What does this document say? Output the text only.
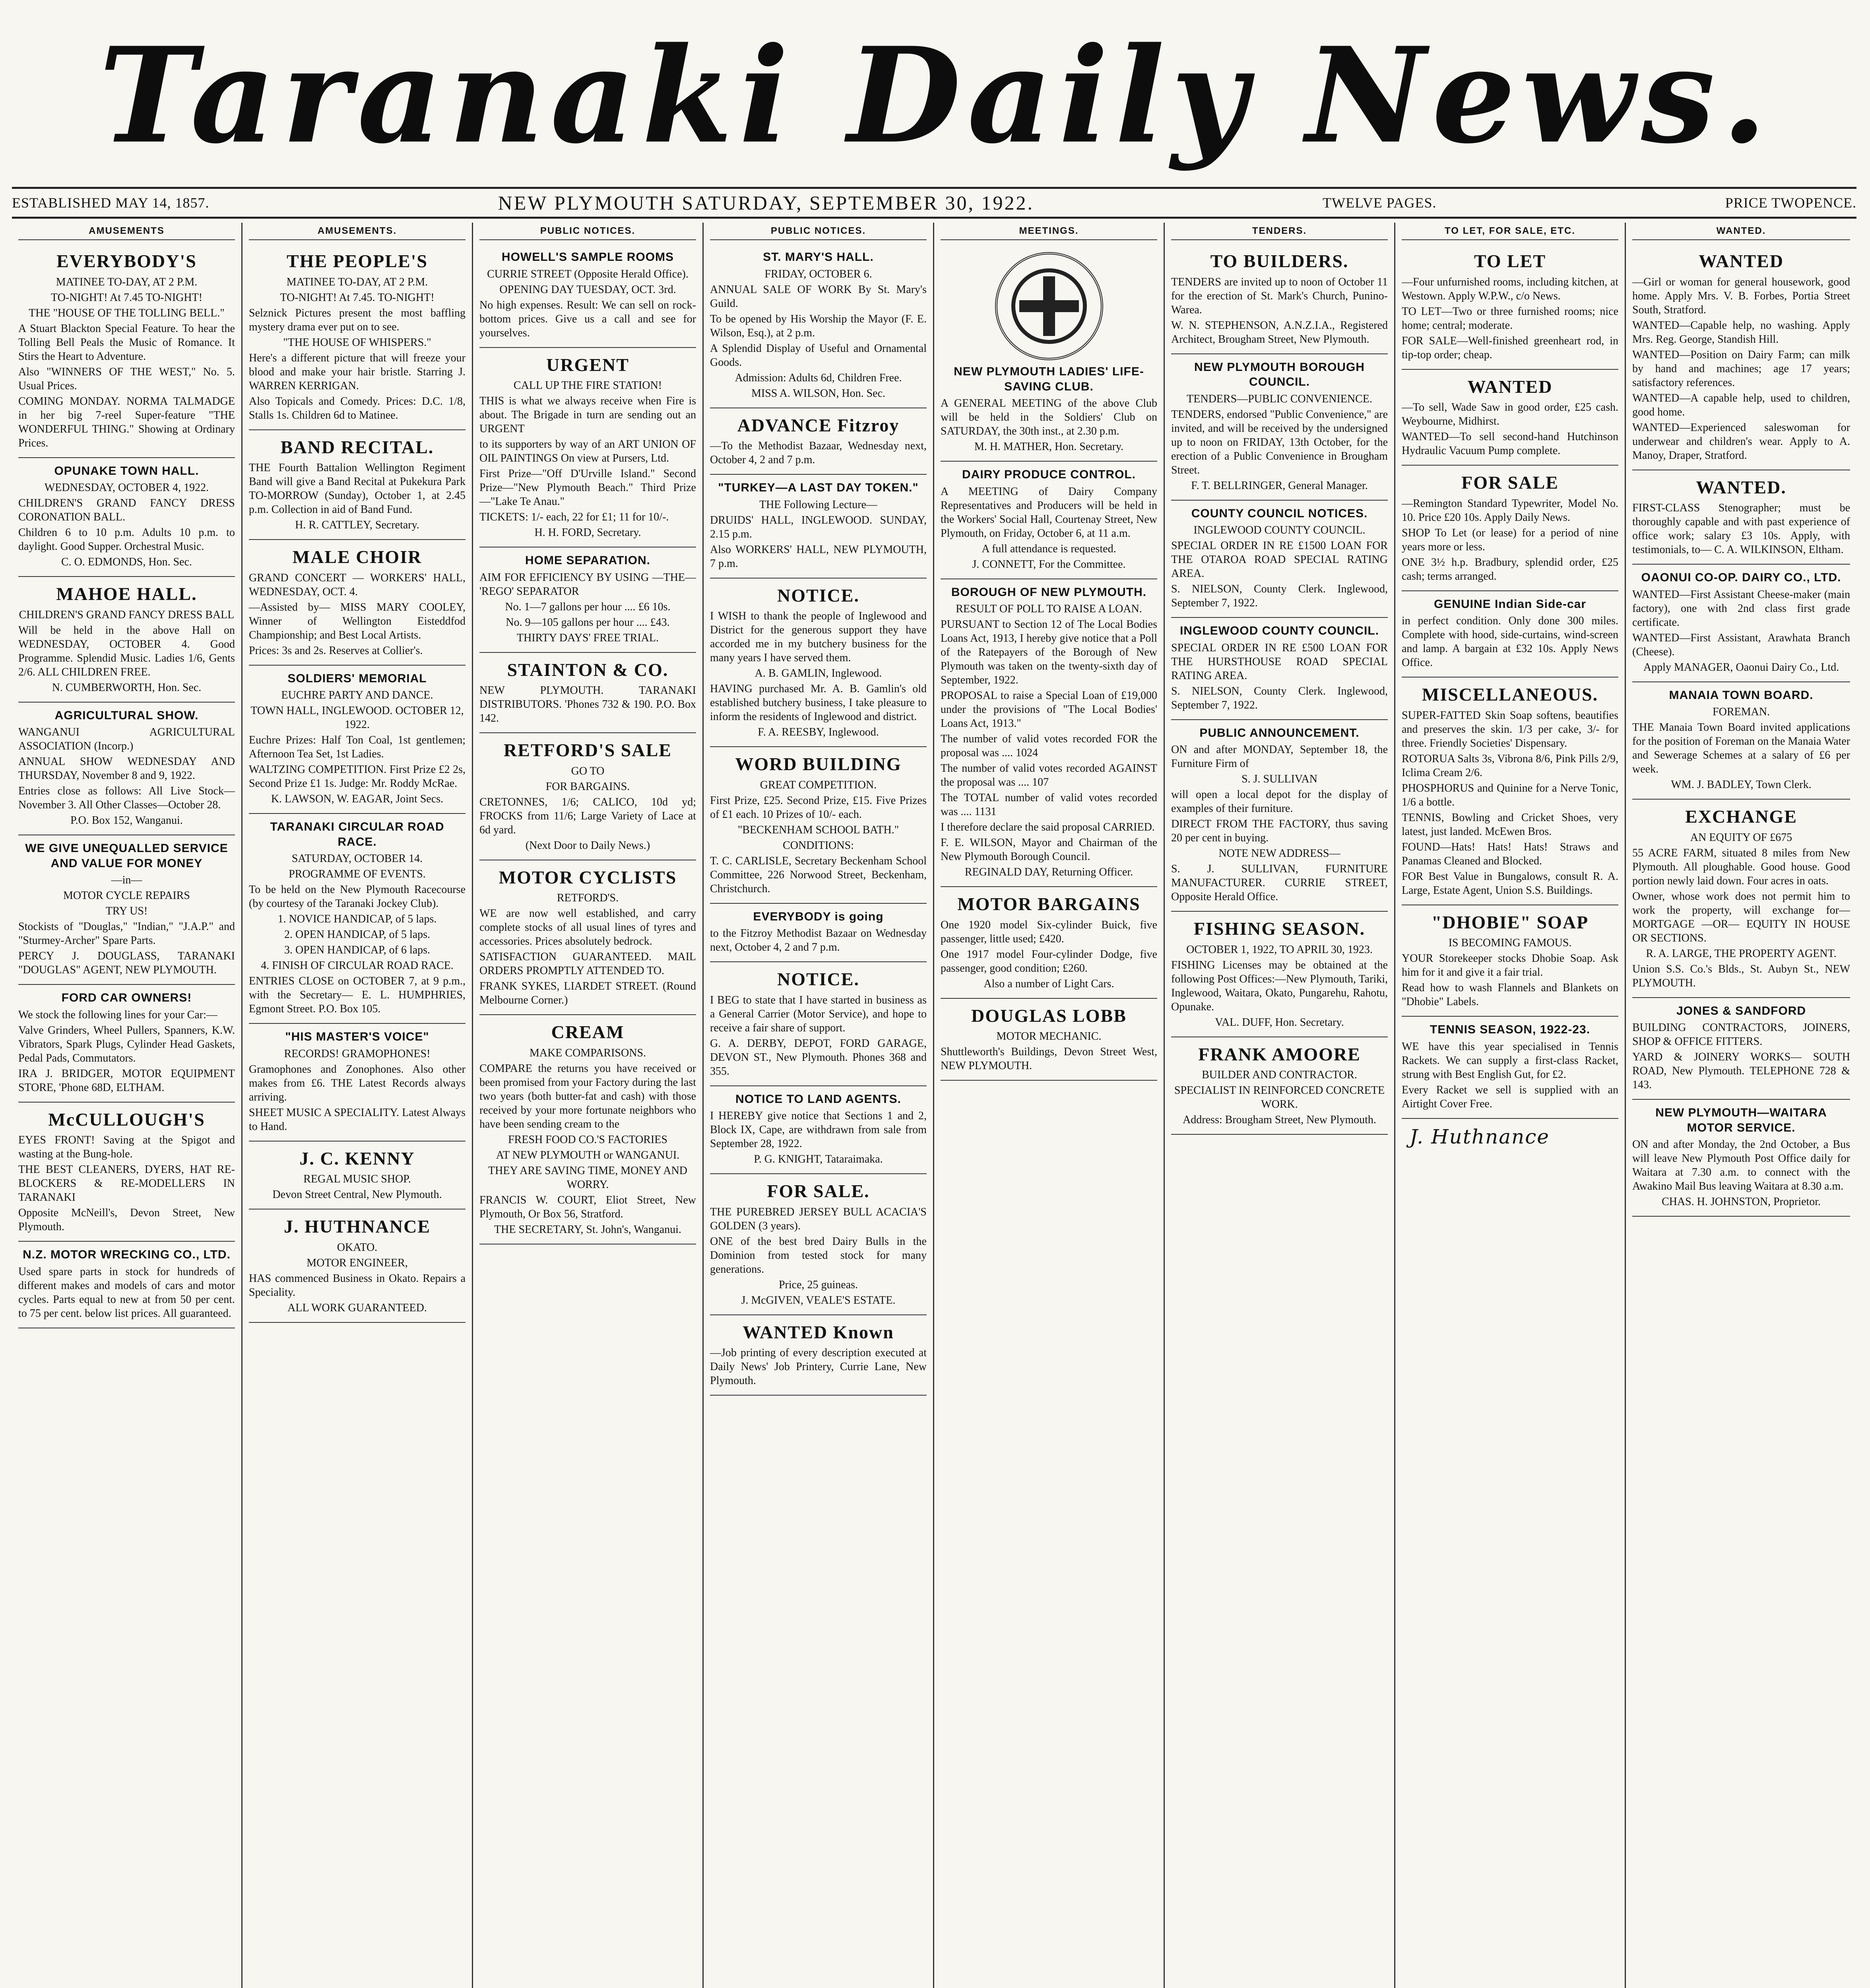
Taranaki Daily News.
ESTABLISHED MAY 14, 1857.	NEW PLYMOUTH SATURDAY, SEPTEMBER 30, 1922.	TWELVE PAGES.	PRICE TWOPENCE.
AMUSEMENTS
EVERYBODY'S

MATINEE TO-DAY, AT 2 P.M.

TO-NIGHT! At 7.45 TO-NIGHT!

THE "HOUSE OF THE TOLLING BELL."

A Stuart Blackton Special Feature. To hear the Tolling Bell Peals the Music of Romance. It Stirs the Heart to Adventure.

Also "WINNERS OF THE WEST," No. 5. Usual Prices.

COMING MONDAY. NORMA TALMADGE in her big 7-reel Super-feature "THE WONDERFUL THING." Showing at Ordinary Prices.

OPUNAKE TOWN HALL.

WEDNESDAY, OCTOBER 4, 1922.

CHILDREN'S GRAND FANCY DRESS CORONATION BALL.

Children 6 to 10 p.m. Adults 10 p.m. to daylight. Good Supper. Orchestral Music.

C. O. EDMONDS, Hon. Sec.

MAHOE HALL.

CHILDREN'S GRAND FANCY DRESS BALL

Will be held in the above Hall on WEDNESDAY, OCTOBER 4. Good Programme. Splendid Music. Ladies 1/6, Gents 2/6. ALL CHILDREN FREE.

N. CUMBERWORTH, Hon. Sec.

AGRICULTURAL SHOW.

WANGANUI AGRICULTURAL ASSOCIATION (Incorp.)

ANNUAL SHOW WEDNESDAY AND THURSDAY, November 8 and 9, 1922.

Entries close as follows: All Live Stock—November 3. All Other Classes—October 28.

P.O. Box 152, Wanganui.

WE GIVE UNEQUALLED SERVICE AND VALUE FOR MONEY

—in—

MOTOR CYCLE REPAIRS

TRY US!

Stockists of "Douglas," "Indian," "J.A.P." and "Sturmey-Archer" Spare Parts.

PERCY J. DOUGLASS, TARANAKI "DOUGLAS" AGENT, NEW PLYMOUTH.

FORD CAR OWNERS!

We stock the following lines for your Car:—

Valve Grinders, Wheel Pullers, Spanners, K.W. Vibrators, Spark Plugs, Cylinder Head Gaskets, Pedal Pads, Commutators.

IRA J. BRIDGER, MOTOR EQUIPMENT STORE, 'Phone 68D, ELTHAM.

McCULLOUGH'S

EYES FRONT! Saving at the Spigot and wasting at the Bung-hole.

THE BEST CLEANERS, DYERS, HAT RE-BLOCKERS & RE-MODELLERS IN TARANAKI

Opposite McNeill's, Devon Street, New Plymouth.

N.Z. MOTOR WRECKING CO., LTD.

Used spare parts in stock for hundreds of different makes and models of cars and motor cycles. Parts equal to new at from 50 per cent. to 75 per cent. below list prices. All guaranteed.

AMUSEMENTS.
THE PEOPLE'S

MATINEE TO-DAY, AT 2 P.M.

TO-NIGHT! At 7.45. TO-NIGHT!

Selznick Pictures present the most baffling mystery drama ever put on to see.

"THE HOUSE OF WHISPERS."

Here's a different picture that will freeze your blood and make your hair bristle. Starring J. WARREN KERRIGAN.

Also Topicals and Comedy. Prices: D.C. 1/8, Stalls 1s. Children 6d to Matinee.

BAND RECITAL.

THE Fourth Battalion Wellington Regiment Band will give a Band Recital at Pukekura Park TO-MORROW (Sunday), October 1, at 2.45 p.m. Collection in aid of Band Fund.

H. R. CATTLEY, Secretary.

MALE CHOIR

GRAND CONCERT — WORKERS' HALL, WEDNESDAY, OCT. 4.

—Assisted by— MISS MARY COOLEY, Winner of Wellington Eisteddfod Championship; and Best Local Artists.

Prices: 3s and 2s. Reserves at Collier's.

SOLDIERS' MEMORIAL

EUCHRE PARTY AND DANCE.

TOWN HALL, INGLEWOOD. OCTOBER 12, 1922.

Euchre Prizes: Half Ton Coal, 1st gentlemen; Afternoon Tea Set, 1st Ladies.

WALTZING COMPETITION. First Prize £2 2s, Second Prize £1 1s. Judge: Mr. Roddy McRae.

K. LAWSON, W. EAGAR, Joint Secs.

TARANAKI CIRCULAR ROAD RACE.

SATURDAY, OCTOBER 14.

PROGRAMME OF EVENTS.

To be held on the New Plymouth Racecourse (by courtesy of the Taranaki Jockey Club).

1. NOVICE HANDICAP, of 5 laps.

2. OPEN HANDICAP, of 5 laps.

3. OPEN HANDICAP, of 6 laps.

4. FINISH OF CIRCULAR ROAD RACE.

ENTRIES CLOSE on OCTOBER 7, at 9 p.m., with the Secretary— E. L. HUMPHRIES, Egmont Street. P.O. Box 105.

"HIS MASTER'S VOICE"

RECORDS! GRAMOPHONES!

Gramophones and Zonophones. Also other makes from £6. THE Latest Records always arriving.

SHEET MUSIC A SPECIALITY. Latest Always to Hand.

J. C. KENNY

REGAL MUSIC SHOP.

Devon Street Central, New Plymouth.

J. HUTHNANCE

OKATO.

MOTOR ENGINEER,

HAS commenced Business in Okato. Repairs a Speciality.

ALL WORK GUARANTEED.

PUBLIC NOTICES.
HOWELL'S SAMPLE ROOMS

CURRIE STREET (Opposite Herald Office).

OPENING DAY TUESDAY, OCT. 3rd.

No high expenses. Result: We can sell on rock-bottom prices. Give us a call and see for yourselves.

URGENT

CALL UP THE FIRE STATION!

THIS is what we always receive when Fire is about. The Brigade in turn are sending out an URGENT

to its supporters by way of an ART UNION OF OIL PAINTINGS On view at Pursers, Ltd.

First Prize—"Off D'Urville Island." Second Prize—"New Plymouth Beach." Third Prize—"Lake Te Anau."

TICKETS: 1/- each, 22 for £1; 11 for 10/-.

H. H. FORD, Secretary.

HOME SEPARATION.

AIM FOR EFFICIENCY BY USING —THE— 'REGO' SEPARATOR

No. 1—7 gallons per hour .... £6 10s.

No. 9—105 gallons per hour .... £43.

THIRTY DAYS' FREE TRIAL.

STAINTON & CO.

NEW PLYMOUTH. TARANAKI DISTRIBUTORS. 'Phones 732 & 190. P.O. Box 142.

RETFORD'S SALE

GO TO

FOR BARGAINS.

CRETONNES, 1/6; CALICO, 10d yd; FROCKS from 11/6; Large Variety of Lace at 6d yard.

(Next Door to Daily News.)

MOTOR CYCLISTS

RETFORD'S.

WE are now well established, and carry complete stocks of all usual lines of tyres and accessories. Prices absolutely bedrock.

SATISFACTION GUARANTEED. MAIL ORDERS PROMPTLY ATTENDED TO.

FRANK SYKES, LIARDET STREET. (Round Melbourne Corner.)

CREAM

MAKE COMPARISONS.

COMPARE the returns you have received or been promised from your Factory during the last two years (both butter-fat and cash) with those received by your more fortunate neighbors who have been sending cream to the

FRESH FOOD CO.'S FACTORIES

AT NEW PLYMOUTH or WANGANUI.

THEY ARE SAVING TIME, MONEY AND WORRY.

FRANCIS W. COURT, Eliot Street, New Plymouth, Or Box 56, Stratford.

THE SECRETARY, St. John's, Wanganui.

PUBLIC NOTICES.
ST. MARY'S HALL.

FRIDAY, OCTOBER 6.

ANNUAL SALE OF WORK By St. Mary's Guild.

To be opened by His Worship the Mayor (F. E. Wilson, Esq.), at 2 p.m.

A Splendid Display of Useful and Ornamental Goods.

Admission: Adults 6d, Children Free.

MISS A. WILSON, Hon. Sec.

ADVANCE Fitzroy

—To the Methodist Bazaar, Wednesday next, October 4, 2 and 7 p.m.

"TURKEY—A LAST DAY TOKEN."

THE Following Lecture—

DRUIDS' HALL, INGLEWOOD. SUNDAY, 2.15 p.m.

Also WORKERS' HALL, NEW PLYMOUTH, 7 p.m.

NOTICE.

I WISH to thank the people of Inglewood and District for the generous support they have accorded me in my butchery business for the many years I have served them.

A. B. GAMLIN, Inglewood.

HAVING purchased Mr. A. B. Gamlin's old established butchery business, I take pleasure to inform the residents of Inglewood and district.

F. A. REESBY, Inglewood.

WORD BUILDING

GREAT COMPETITION.

First Prize, £25. Second Prize, £15. Five Prizes of £1 each. 10 Prizes of 10/- each.

"BECKENHAM SCHOOL BATH."

CONDITIONS:

T. C. CARLISLE, Secretary Beckenham School Committee, 226 Norwood Street, Beckenham, Christchurch.

EVERYBODY is going

to the Fitzroy Methodist Bazaar on Wednesday next, October 4, 2 and 7 p.m.

NOTICE.

I BEG to state that I have started in business as a General Carrier (Motor Service), and hope to receive a fair share of support.

G. A. DERBY, DEPOT, FORD GARAGE, DEVON ST., New Plymouth. Phones 368 and 355.

NOTICE TO LAND AGENTS.

I HEREBY give notice that Sections 1 and 2, Block IX, Cape, are withdrawn from sale from September 28, 1922.

P. G. KNIGHT, Tataraimaka.

FOR SALE.

THE PUREBRED JERSEY BULL ACACIA'S GOLDEN (3 years).

ONE of the best bred Dairy Bulls in the Dominion from tested stock for many generations.

Price, 25 guineas.

J. McGIVEN, VEALE'S ESTATE.

WANTED Known

—Job printing of every description executed at Daily News' Job Printery, Currie Lane, New Plymouth.

MEETINGS.
NEW PLYMOUTH LADIES' LIFE-SAVING CLUB.

A GENERAL MEETING of the above Club will be held in the Soldiers' Club on SATURDAY, the 30th inst., at 2.30 p.m.

M. H. MATHER, Hon. Secretary.

DAIRY PRODUCE CONTROL.

A MEETING of Dairy Company Representatives and Producers will be held in the Workers' Social Hall, Courtenay Street, New Plymouth, on Friday, October 6, at 11 a.m.

A full attendance is requested.

J. CONNETT, For the Committee.

BOROUGH OF NEW PLYMOUTH.

RESULT OF POLL TO RAISE A LOAN.

PURSUANT to Section 12 of The Local Bodies Loans Act, 1913, I hereby give notice that a Poll of the Ratepayers of the Borough of New Plymouth was taken on the twenty-sixth day of September, 1922.

PROPOSAL to raise a Special Loan of £19,000 under the provisions of "The Local Bodies' Loans Act, 1913."

The number of valid votes recorded FOR the proposal was .... 1024

The number of valid votes recorded AGAINST the proposal was .... 107

The TOTAL number of valid votes recorded was .... 1131

I therefore declare the said proposal CARRIED.

F. E. WILSON, Mayor and Chairman of the New Plymouth Borough Council.

REGINALD DAY, Returning Officer.

MOTOR BARGAINS

One 1920 model Six-cylinder Buick, five passenger, little used; £420.

One 1917 model Four-cylinder Dodge, five passenger, good condition; £260.

Also a number of Light Cars.

DOUGLAS LOBB

MOTOR MECHANIC.

Shuttleworth's Buildings, Devon Street West, NEW PLYMOUTH.

TENDERS.
TO BUILDERS.

TENDERS are invited up to noon of October 11 for the erection of St. Mark's Church, Punino-Warea.

W. N. STEPHENSON, A.N.Z.I.A., Registered Architect, Brougham Street, New Plymouth.

NEW PLYMOUTH BOROUGH COUNCIL.

TENDERS—PUBLIC CONVENIENCE.

TENDERS, endorsed "Public Convenience," are invited, and will be received by the undersigned up to noon on FRIDAY, 13th October, for the erection of a Public Convenience in Brougham Street.

F. T. BELLRINGER, General Manager.

COUNTY COUNCIL NOTICES.

INGLEWOOD COUNTY COUNCIL.

SPECIAL ORDER IN RE £1500 LOAN FOR THE OTAROA ROAD SPECIAL RATING AREA.

S. NIELSON, County Clerk. Inglewood, September 7, 1922.

INGLEWOOD COUNTY COUNCIL.

SPECIAL ORDER IN RE £500 LOAN FOR THE HURSTHOUSE ROAD SPECIAL RATING AREA.

S. NIELSON, County Clerk. Inglewood, September 7, 1922.

PUBLIC ANNOUNCEMENT.

ON and after MONDAY, September 18, the Furniture Firm of

S. J. SULLIVAN

will open a local depot for the display of examples of their furniture.

DIRECT FROM THE FACTORY, thus saving 20 per cent in buying.

NOTE NEW ADDRESS—

S. J. SULLIVAN, FURNITURE MANUFACTURER. CURRIE STREET, Opposite Herald Office.

FISHING SEASON.

OCTOBER 1, 1922, TO APRIL 30, 1923.

FISHING Licenses may be obtained at the following Post Offices:—New Plymouth, Tariki, Inglewood, Waitara, Okato, Pungarehu, Rahotu, Opunake.

VAL. DUFF, Hon. Secretary.

FRANK AMOORE

BUILDER AND CONTRACTOR.

SPECIALIST IN REINFORCED CONCRETE WORK.

Address: Brougham Street, New Plymouth.

TO LET, FOR SALE, ETC.
TO LET

—Four unfurnished rooms, including kitchen, at Westown. Apply W.P.W., c/o News.

TO LET—Two or three furnished rooms; nice home; central; moderate.

FOR SALE—Well-finished greenheart rod, in tip-top order; cheap.

WANTED

—To sell, Wade Saw in good order, £25 cash. Weybourne, Midhirst.

WANTED—To sell second-hand Hutchinson Hydraulic Vacuum Pump complete.

FOR SALE

—Remington Standard Typewriter, Model No. 10. Price £20 10s. Apply Daily News.

SHOP To Let (or lease) for a period of nine years more or less.

ONE 3½ h.p. Bradbury, splendid order, £25 cash; terms arranged.

GENUINE Indian Side-car

in perfect condition. Only done 300 miles. Complete with hood, side-curtains, wind-screen and lamp. A bargain at £32 10s. Apply News Office.

MISCELLANEOUS.

SUPER-FATTED Skin Soap softens, beautifies and preserves the skin. 1/3 per cake, 3/- for three. Friendly Societies' Dispensary.

ROTORUA Salts 3s, Vibrona 8/6, Pink Pills 2/9, Iclima Cream 2/6.

PHOSPHORUS and Quinine for a Nerve Tonic, 1/6 a bottle.

TENNIS, Bowling and Cricket Shoes, very latest, just landed. McEwen Bros.

FOUND—Hats! Hats! Hats! Straws and Panamas Cleaned and Blocked.

FOR Best Value in Bungalows, consult R. A. Large, Estate Agent, Union S.S. Buildings.

"DHOBIE" SOAP

IS BECOMING FAMOUS.

YOUR Storekeeper stocks Dhobie Soap. Ask him for it and give it a fair trial.

Read how to wash Flannels and Blankets on "Dhobie" Labels.

TENNIS SEASON, 1922-23.

WE have this year specialised in Tennis Rackets. We can supply a first-class Racket, strung with Best English Gut, for £2.

Every Racket we sell is supplied with an Airtight Cover Free.

J. Huthnance
WANTED.
WANTED

—Girl or woman for general housework, good home. Apply Mrs. V. B. Forbes, Portia Street South, Stratford.

WANTED—Capable help, no washing. Apply Mrs. Reg. George, Standish Hill.

WANTED—Position on Dairy Farm; can milk by hand and machines; age 17 years; satisfactory references.

WANTED—A capable help, used to children, good home.

WANTED—Experienced saleswoman for underwear and children's wear. Apply to A. Manoy, Draper, Stratford.

WANTED.

FIRST-CLASS Stenographer; must be thoroughly capable and with past experience of office work; salary £3 10s. Apply, with testimonials, to— C. A. WILKINSON, Eltham.

OAONUI CO-OP. DAIRY CO., LTD.

WANTED—First Assistant Cheese-maker (main factory), one with 2nd class first grade certificate.

WANTED—First Assistant, Arawhata Branch (Cheese).

Apply MANAGER, Oaonui Dairy Co., Ltd.

MANAIA TOWN BOARD.

FOREMAN.

THE Manaia Town Board invited applications for the position of Foreman on the Manaia Water and Sewerage Schemes at a salary of £6 per week.

WM. J. BADLEY, Town Clerk.

EXCHANGE

AN EQUITY OF £675

55 ACRE FARM, situated 8 miles from New Plymouth. All ploughable. Good house. Good portion newly laid down. Four acres in oats.

Owner, whose work does not permit him to work the property, will exchange for— MORTGAGE —OR— EQUITY IN HOUSE OR SECTIONS.

R. A. LARGE, THE PROPERTY AGENT.

Union S.S. Co.'s Blds., St. Aubyn St., NEW PLYMOUTH.

JONES & SANDFORD

BUILDING CONTRACTORS, JOINERS, SHOP & OFFICE FITTERS.

YARD & JOINERY WORKS— SOUTH ROAD, New Plymouth. TELEPHONE 728 & 143.

NEW PLYMOUTH—WAITARA MOTOR SERVICE.

ON and after Monday, the 2nd October, a Bus will leave New Plymouth Post Office daily for Waitara at 7.30 a.m. to connect with the Awakino Mail Bus leaving Waitara at 8.30 a.m.

CHAS. H. JOHNSTON, Proprietor.
